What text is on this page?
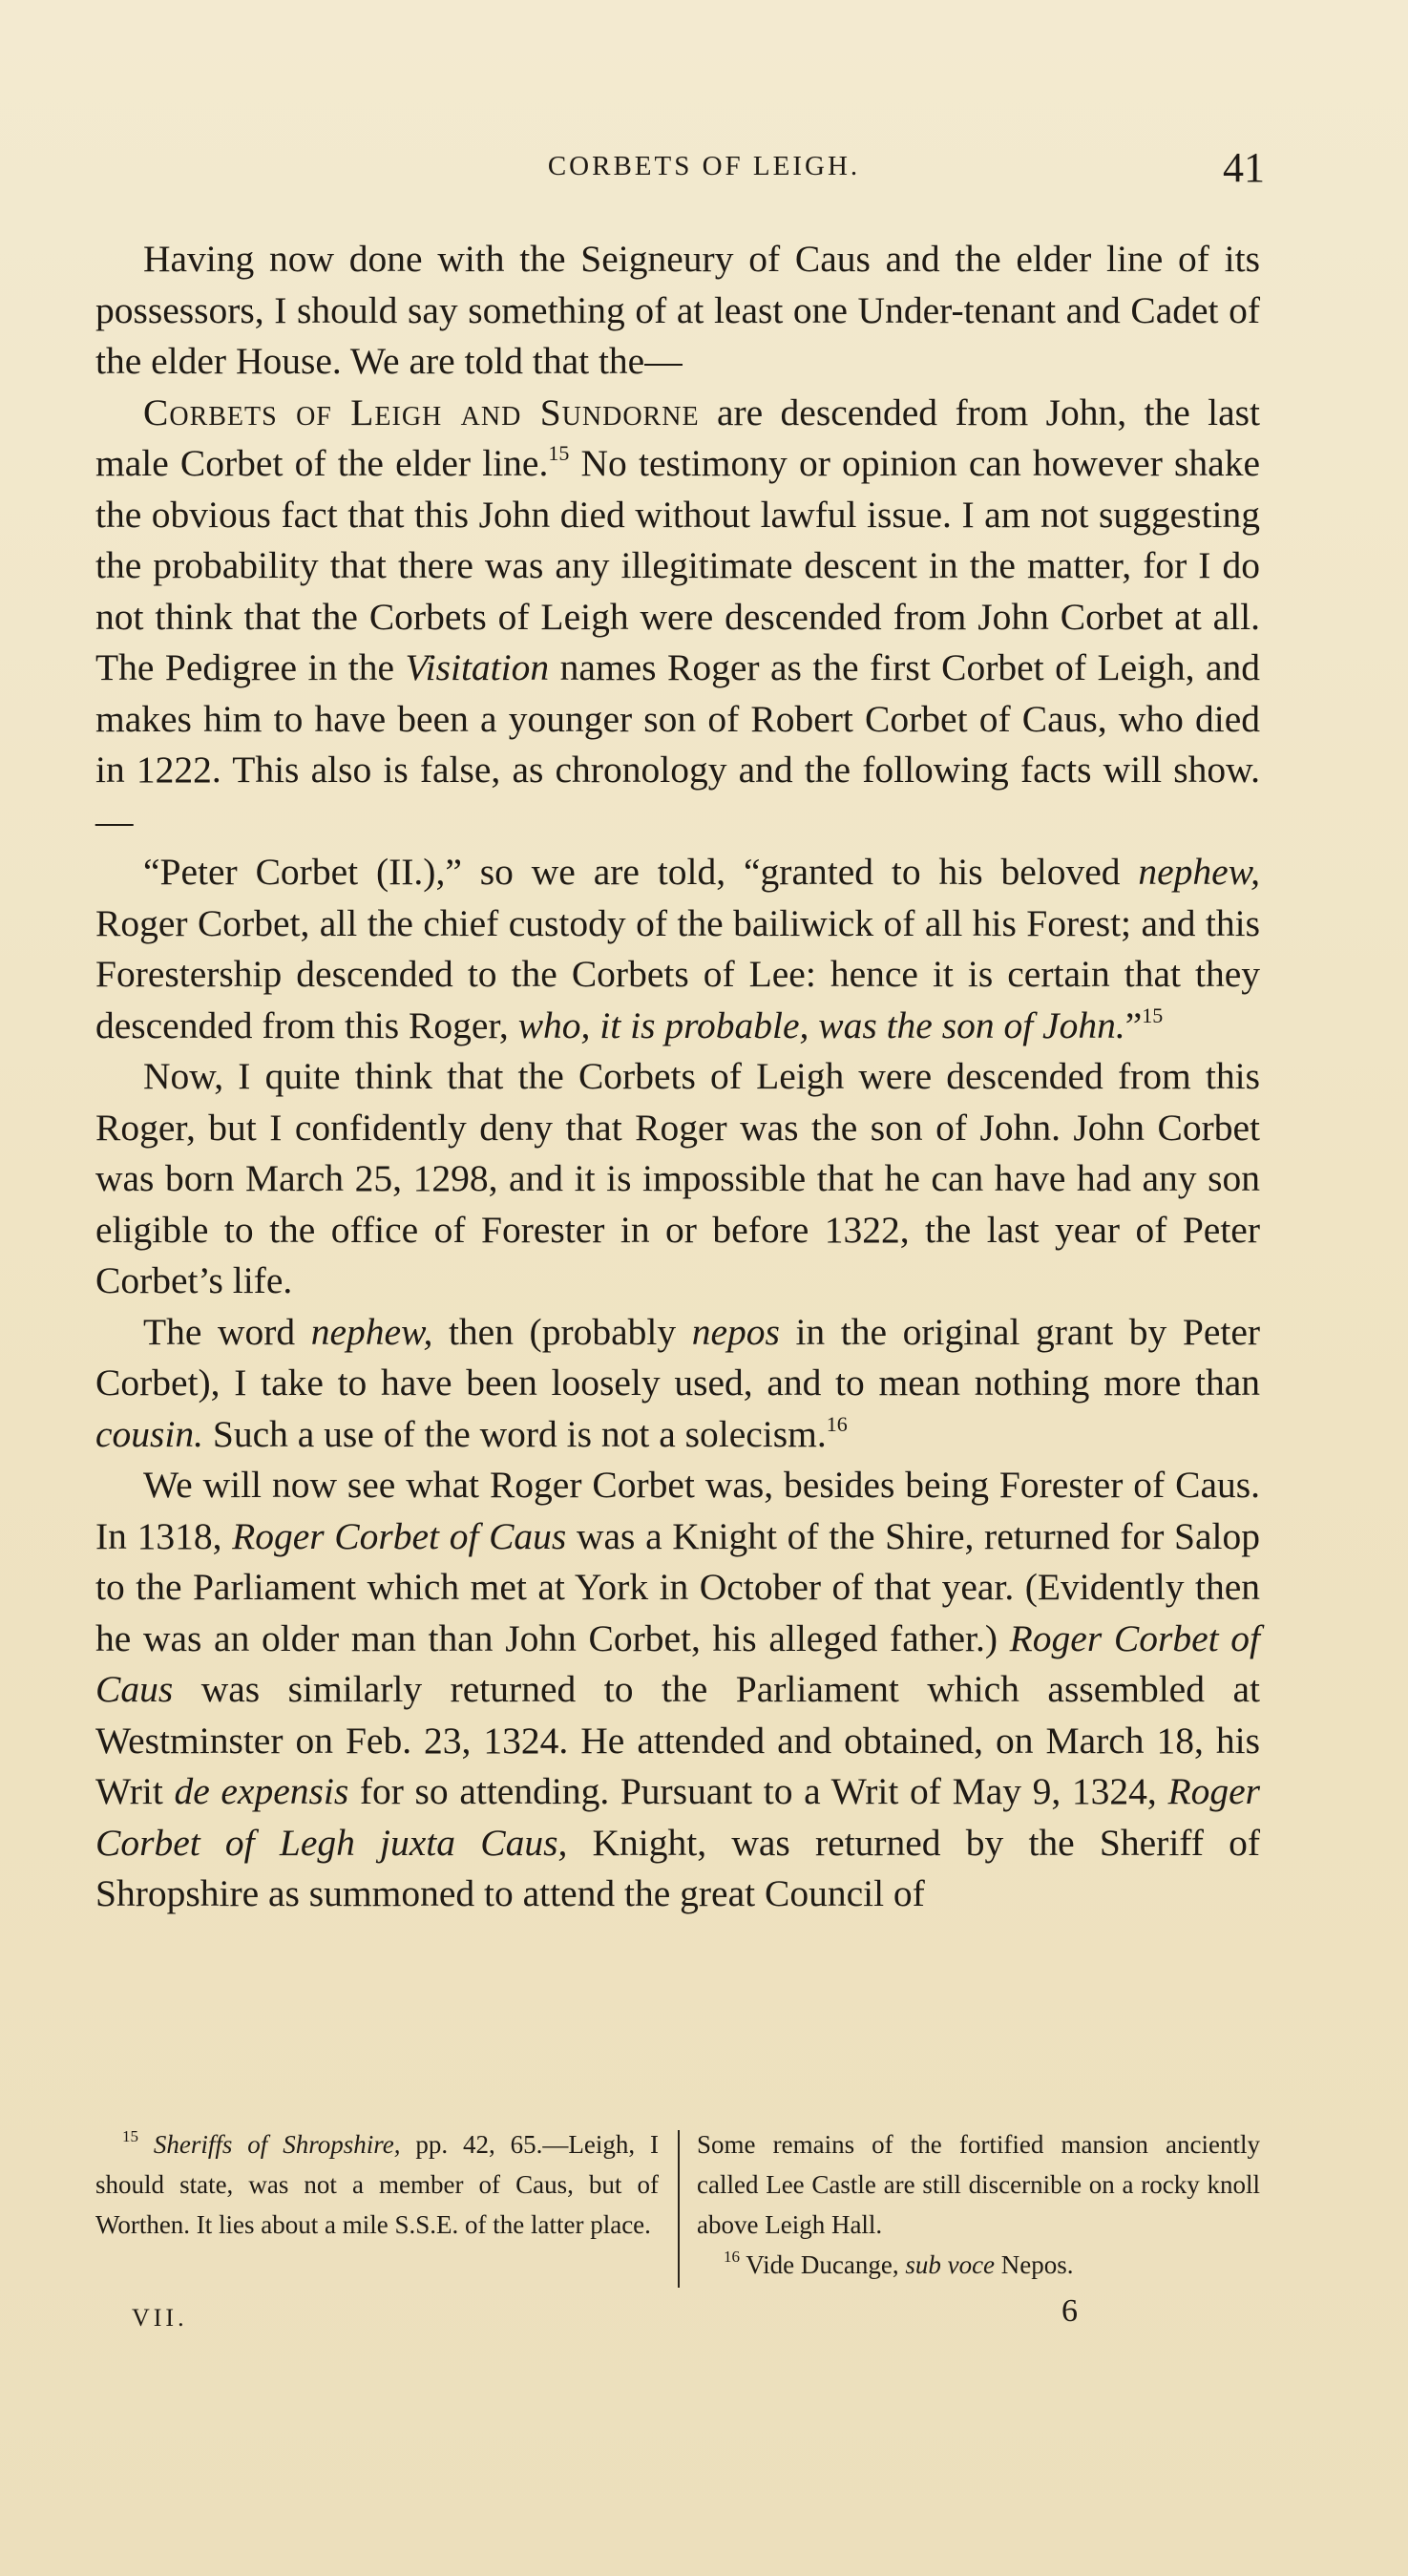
CORBETS OF LEIGH.	41

Having now done with the Seigneury of Caus and the elder line of its possessors, I should say something of at least one Under-tenant and Cadet of the elder House. We are told that the—

Corbets of Leigh and Sundorne are descended from John, the last male Corbet of the elder line.$^{15}$ No testimony or opinion can however shake the obvious fact that this John died without lawful issue. I am not suggesting the probability that there was any illegitimate descent in the matter, for I do not think that the Corbets of Leigh were descended from John Corbet at all. The Pedigree in the Visitation names Roger as the first Corbet of Leigh, and makes him to have been a younger son of Robert Corbet of Caus, who died in 1222. This also is false, as chronology and the following facts will show.—

“Peter Corbet (II.),” so we are told, “granted to his beloved nephew, Roger Corbet, all the chief custody of the bailiwick of all his Forest; and this Forestership descended to the Corbets of Lee: hence it is certain that they descended from this Roger, who, it is probable, was the son of John.”$^{15}$

Now, I quite think that the Corbets of Leigh were descended from this Roger, but I confidently deny that Roger was the son of John. John Corbet was born March 25, 1298, and it is impossible that he can have had any son eligible to the office of Forester in or before 1322, the last year of Peter Corbet’s life.

The word nephew, then (probably nepos in the original grant by Peter Corbet), I take to have been loosely used, and to mean nothing more than cousin. Such a use of the word is not a solecism.$^{16}$

We will now see what Roger Corbet was, besides being Forester of Caus. In 1318, Roger Corbet of Caus was a Knight of the Shire, returned for Salop to the Parliament which met at York in October of that year. (Evidently then he was an older man than John Corbet, his alleged father.) Roger Corbet of Caus was similarly returned to the Parliament which assembled at Westminster on Feb. 23, 1324. He attended and obtained, on March 18, his Writ de expensis for so attending. Pursuant to a Writ of May 9, 1324, Roger Corbet of Legh juxta Caus, Knight, was returned by the Sheriff of Shropshire as summoned to attend the great Council of

$^{15}$ Sheriffs of Shropshire, pp. 42, 65.—Leigh, I should state, was not a member of Caus, but of Worthen. It lies about a mile S.S.E. of the latter place.

Some remains of the fortified mansion anciently called Lee Castle are still discernible on a rocky knoll above Leigh Hall.

$^{16}$ Vide Ducange, sub voce Nepos.

VII.	6
